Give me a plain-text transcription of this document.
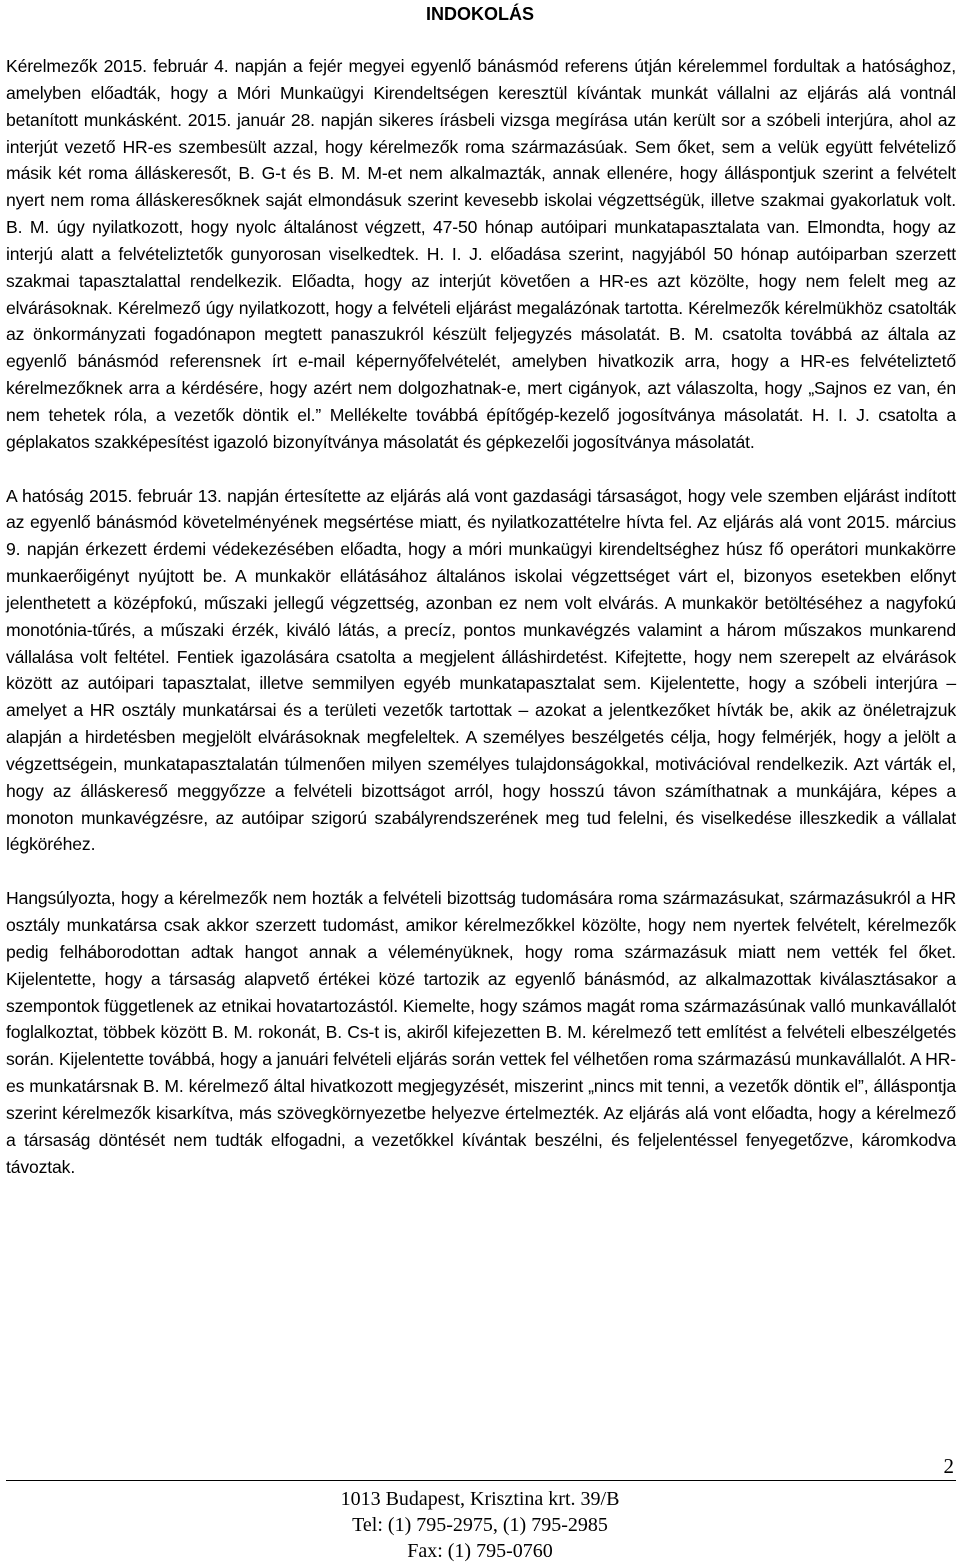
INDOKOLÁS

Kérelmezők 2015. február 4. napján a fejér megyei egyenlő bánásmód referens útján kérelemmel fordultak a hatósághoz, amelyben előadták, hogy a Móri Munkaügyi Kirendeltségen keresztül kívántak munkát vállalni az eljárás alá vontnál betanított munkásként. 2015. január 28. napján sikeres írásbeli vizsga megírása után került sor a szóbeli interjúra, ahol az interjút vezető HR-es szembesült azzal, hogy kérelmezők roma származásúak. Sem őket, sem a velük együtt felvételiző másik két roma álláskeresőt, B. G-t és B. M. M-et nem alkalmazták, annak ellenére, hogy álláspontjuk szerint a felvételt nyert nem roma álláskeresőknek saját elmondásuk szerint kevesebb iskolai végzettségük, illetve szakmai gyakorlatuk volt. B. M. úgy nyilatkozott, hogy nyolc általánost végzett, 47-50 hónap autóipari munkatapasztalata van. Elmondta, hogy az interjú alatt a felvételiztetők gunyorosan viselkedtek. H. I. J. előadása szerint, nagyjából 50 hónap autóiparban szerzett szakmai tapasztalattal rendelkezik. Előadta, hogy az interjút követően a HR-es azt közölte, hogy nem felelt meg az elvárásoknak. Kérelmező úgy nyilatkozott, hogy a felvételi eljárást megalázónak tartotta. Kérelmezők kérelmükhöz csatolták az önkormányzati fogadónapon megtett panaszukról készült feljegyzés másolatát. B. M. csatolta továbbá az általa az egyenlő bánásmód referensnek írt e-mail képernyőfelvételét, amelyben hivatkozik arra, hogy a HR-es felvételiztető kérelmezőknek arra a kérdésére, hogy azért nem dolgozhatnak-e, mert cigányok, azt válaszolta, hogy „Sajnos ez van, én nem tehetek róla, a vezetők döntik el.” Mellékelte továbbá építőgép-kezelő jogosítványa másolatát. H. I. J. csatolta a géplakatos szakképesítést igazoló bizonyítványa másolatát és gépkezelői jogosítványa másolatát.

A hatóság 2015. február 13. napján értesítette az eljárás alá vont gazdasági társaságot, hogy vele szemben eljárást indított az egyenlő bánásmód követelményének megsértése miatt, és nyilatkozattételre hívta fel. Az eljárás alá vont 2015. március 9. napján érkezett érdemi védekezésében előadta, hogy a móri munkaügyi kirendeltséghez húsz fő operátori munkakörre munkaerőigényt nyújtott be. A munkakör ellátásához általános iskolai végzettséget várt el, bizonyos esetekben előnyt jelenthetett a középfokú, műszaki jellegű végzettség, azonban ez nem volt elvárás. A munkakör betöltéséhez a nagyfokú monotónia-tűrés, a műszaki érzék, kiváló látás, a precíz, pontos munkavégzés valamint a három műszakos munkarend vállalása volt feltétel. Fentiek igazolására csatolta a megjelent álláshirdetést. Kifejtette, hogy nem szerepelt az elvárások között az autóipari tapasztalat, illetve semmilyen egyéb munkatapasztalat sem. Kijelentette, hogy a szóbeli interjúra – amelyet a HR osztály munkatársai és a területi vezetők tartottak – azokat a jelentkezőket hívták be, akik az önéletrajzuk alapján a hirdetésben megjelölt elvárásoknak megfeleltek. A személyes beszélgetés célja, hogy felmérjék, hogy a jelölt a végzettségein, munkatapasztalatán túlmenően milyen személyes tulajdonságokkal, motivációval rendelkezik. Azt várták el, hogy az álláskereső meggyőzze a felvételi bizottságot arról, hogy hosszú távon számíthatnak a munkájára, képes a monoton munkavégzésre, az autóipar szigorú szabályrendszerének meg tud felelni, és viselkedése illeszkedik a vállalat légköréhez.

Hangsúlyozta, hogy a kérelmezők nem hozták a felvételi bizottság tudomására roma származásukat, származásukról a HR osztály munkatársa csak akkor szerzett tudomást, amikor kérelmezőkkel közölte, hogy nem nyertek felvételt, kérelmezők pedig felháborodottan adtak hangot annak a véleményüknek, hogy roma származásuk miatt nem vették fel őket. Kijelentette, hogy a társaság alapvető értékei közé tartozik az egyenlő bánásmód, az alkalmazottak kiválasztásakor a szempontok függetlenek az etnikai hovatartozástól. Kiemelte, hogy számos magát roma származásúnak valló munkavállalót foglalkoztat, többek között B. M. rokonát, B. Cs-t is, akiről kifejezetten B. M. kérelmező tett említést a felvételi elbeszélgetés során. Kijelentette továbbá, hogy a januári felvételi eljárás során vettek fel vélhetően roma származású munkavállalót. A HR-es munkatársnak B. M. kérelmező által hivatkozott megjegyzését, miszerint „nincs mit tenni, a vezetők döntik el”, álláspontja szerint kérelmezők kisarkítva, más szövegkörnyezetbe helyezve értelmezték. Az eljárás alá vont előadta, hogy a kérelmező a társaság döntését nem tudták elfogadni, a vezetőkkel kívántak beszélni, és feljelentéssel fenyegetőzve, káromkodva távoztak.

2
1013 Budapest, Krisztina krt. 39/B
Tel: (1) 795-2975, (1) 795-2985
Fax: (1) 795-0760
